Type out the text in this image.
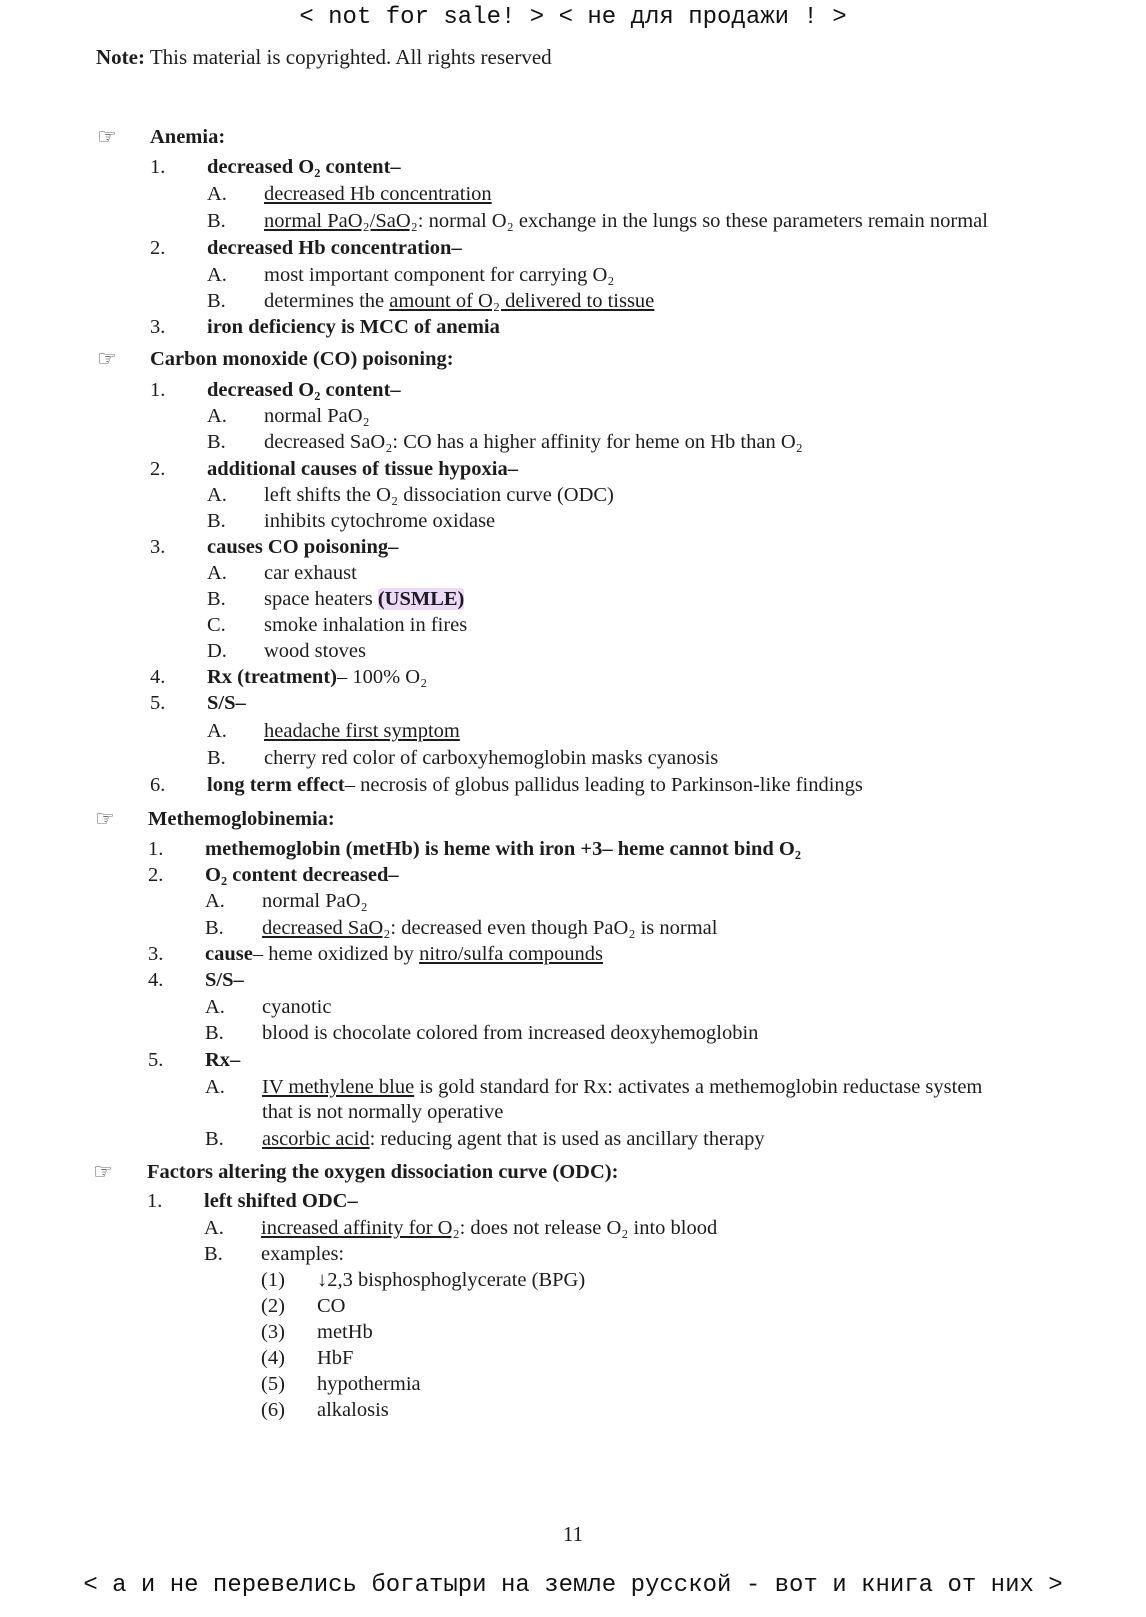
< not for sale! > < не для продажи ! >
Note: This material is copyrighted. All rights reserved
☞ Anemia:
1. decreased O₂ content–
A. decreased Hb concentration
B. normal PaO₂/SaO₂: normal O₂ exchange in the lungs so these parameters remain normal
2. decreased Hb concentration–
A. most important component for carrying O₂
B. determines the amount of O₂ delivered to tissue
3. iron deficiency is MCC of anemia
☞ Carbon monoxide (CO) poisoning:
1. decreased O₂ content–
A. normal PaO₂
B. decreased SaO₂: CO has a higher affinity for heme on Hb than O₂
2. additional causes of tissue hypoxia–
A. left shifts the O₂ dissociation curve (ODC)
B. inhibits cytochrome oxidase
3. causes CO poisoning–
A. car exhaust
B. space heaters (USMLE)
C. smoke inhalation in fires
D. wood stoves
4. Rx (treatment)– 100% O₂
5. S/S–
A. headache first symptom
B. cherry red color of carboxyhemoglobin masks cyanosis
6. long term effect– necrosis of globus pallidus leading to Parkinson-like findings
☞ Methemoglobinemia:
1. methemoglobin (metHb) is heme with iron +3– heme cannot bind O₂
2. O₂ content decreased–
A. normal PaO₂
B. decreased SaO₂: decreased even though PaO₂ is normal
3. cause– heme oxidized by nitro/sulfa compounds
4. S/S–
A. cyanotic
B. blood is chocolate colored from increased deoxyhemoglobin
5. Rx–
A. IV methylene blue is gold standard for Rx: activates a methemoglobin reductase system
that is not normally operative
B. ascorbic acid: reducing agent that is used as ancillary therapy
☞ Factors altering the oxygen dissociation curve (ODC):
1. left shifted ODC–
A. increased affinity for O₂: does not release O₂ into blood
B. examples:
(1) ↓2,3 bisphosphoglycerate (BPG)
(2) CO
(3) metHb
(4) HbF
(5) hypothermia
(6) alkalosis
11
< а и не перевелись богатыри на земле русской - вот и книга от них >
